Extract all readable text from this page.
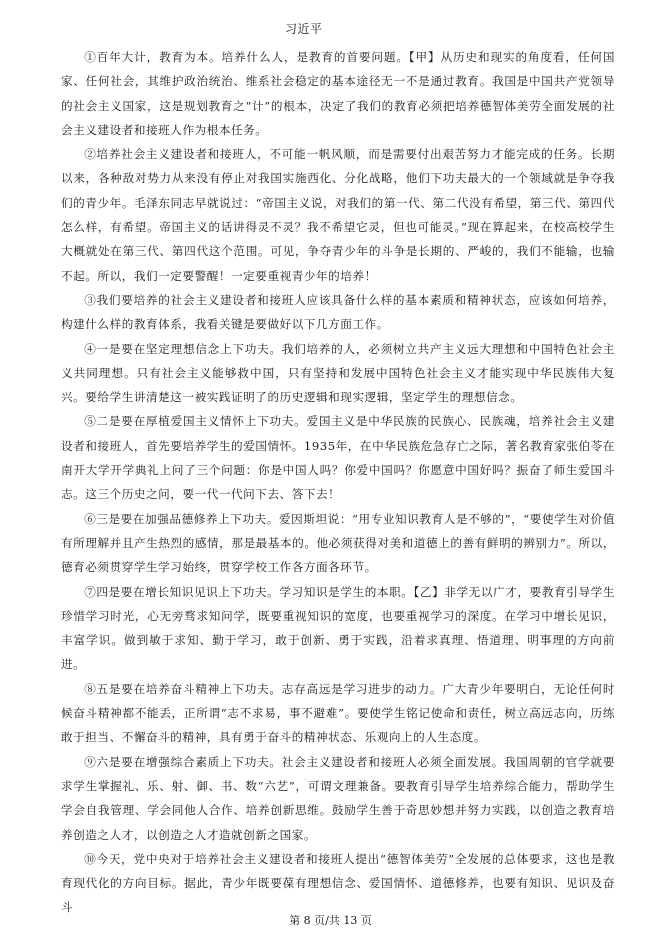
习近平

①百年大计，教育为本。培养什么人，是教育的首要问题。【甲】从历史和现实的角度看，任何国家、任何社会，其维护政治统治、维系社会稳定的基本途径无一不是通过教育。我国是中国共产党领导的社会主义国家，这是规划教育之“计”的根本，决定了我们的教育必须把培养德智体美劳全面发展的社会主义建设者和接班人作为根本任务。

②培养社会主义建设者和接班人，不可能一帆风顺，而是需要付出艰苦努力才能完成的任务。长期以来，各种敌对势力从来没有停止对我国实施西化、分化战略，他们下功夫最大的一个领域就是争夺我们的青少年。毛泽东同志早就说过：“帝国主义说，对我们的第一代、第二代没有希望，第三代、第四代怎么样，有希望。帝国主义的话讲得灵不灵？我不希望它灵，但也可能灵。”现在算起来，在校高校学生大概就处在第三代、第四代这个范围。可见，争夺青少年的斗争是长期的、严峻的，我们不能输，也输不起。所以，我们一定要警醒！一定要重视青少年的培养！

③我们要培养的社会主义建设者和接班人应该具备什么样的基本素质和精神状态，应该如何培养，构建什么样的教育体系，我看关键是要做好以下几方面工作。

④一是要在坚定理想信念上下功夫。我们培养的人，必须树立共产主义远大理想和中国特色社会主义共同理想。只有社会主义能够救中国，只有坚持和发展中国特色社会主义才能实现中华民族伟大复兴。要给学生讲清楚这一被实践证明了的历史逻辑和现实逻辑，坚定学生的理想信念。

⑤二是要在厚植爱国主义情怀上下功夫。爱国主义是中华民族的民族心、民族魂，培养社会主义建设者和接班人，首先要培养学生的爱国情怀。1935年，在中华民族危急存亡之际，著名教育家张伯苓在南开大学开学典礼上问了三个问题：你是中国人吗？你爱中国吗？你愿意中国好吗？振奋了师生爱国斗志。这三个历史之问，要一代一代问下去、答下去！

⑥三是要在加强品德修养上下功夫。爱因斯坦说：“用专业知识教育人是不够的”，“要使学生对价值有所理解并且产生热烈的感情，那是最基本的。他必须获得对美和道德上的善有鲜明的辨别力”。所以，德育必须贯穿学生学习始终，贯穿学校工作各方面各环节。

⑦四是要在增长知识见识上下功夫。学习知识是学生的本职。【乙】非学无以广才，要教育引导学生珍惜学习时光，心无旁骛求知问学，既要重视知识的宽度，也要重视学习的深度。在学习中增长见识，丰富学识。做到敏于求知、勤于学习，敢于创新、勇于实践，沿着求真理、悟道理、明事理的方向前进。

⑧五是要在培养奋斗精神上下功夫。志存高远是学习进步的动力。广大青少年要明白，无论任何时候奋斗精神都不能丢，正所谓“志不求易，事不避难”。要使学生铭记使命和责任，树立高远志向，历练敢于担当、不懈奋斗的精神，具有勇于奋斗的精神状态、乐观向上的人生态度。

⑨六是要在增强综合素质上下功夫。社会主义建设者和接班人必须全面发展。我国周朝的官学就要求学生掌握礼、乐、射、御、书、数“六艺”，可谓文理兼备。要教育引导学生培养综合能力，帮助学生学会自我管理、学会同他人合作、培养创新思维。鼓励学生善于奇思妙想并努力实践，以创造之教育培养创造之人才，以创造之人才造就创新之国家。

⑩今天，党中央对于培养社会主义建设者和接班人提出“德智体美劳”全发展的总体要求，这也是教育现代化的方向目标。据此，青少年既要葆有理想信念、爱国情怀、道德修养，也要有知识、见识及奋斗

第 8 页/共 13 页
